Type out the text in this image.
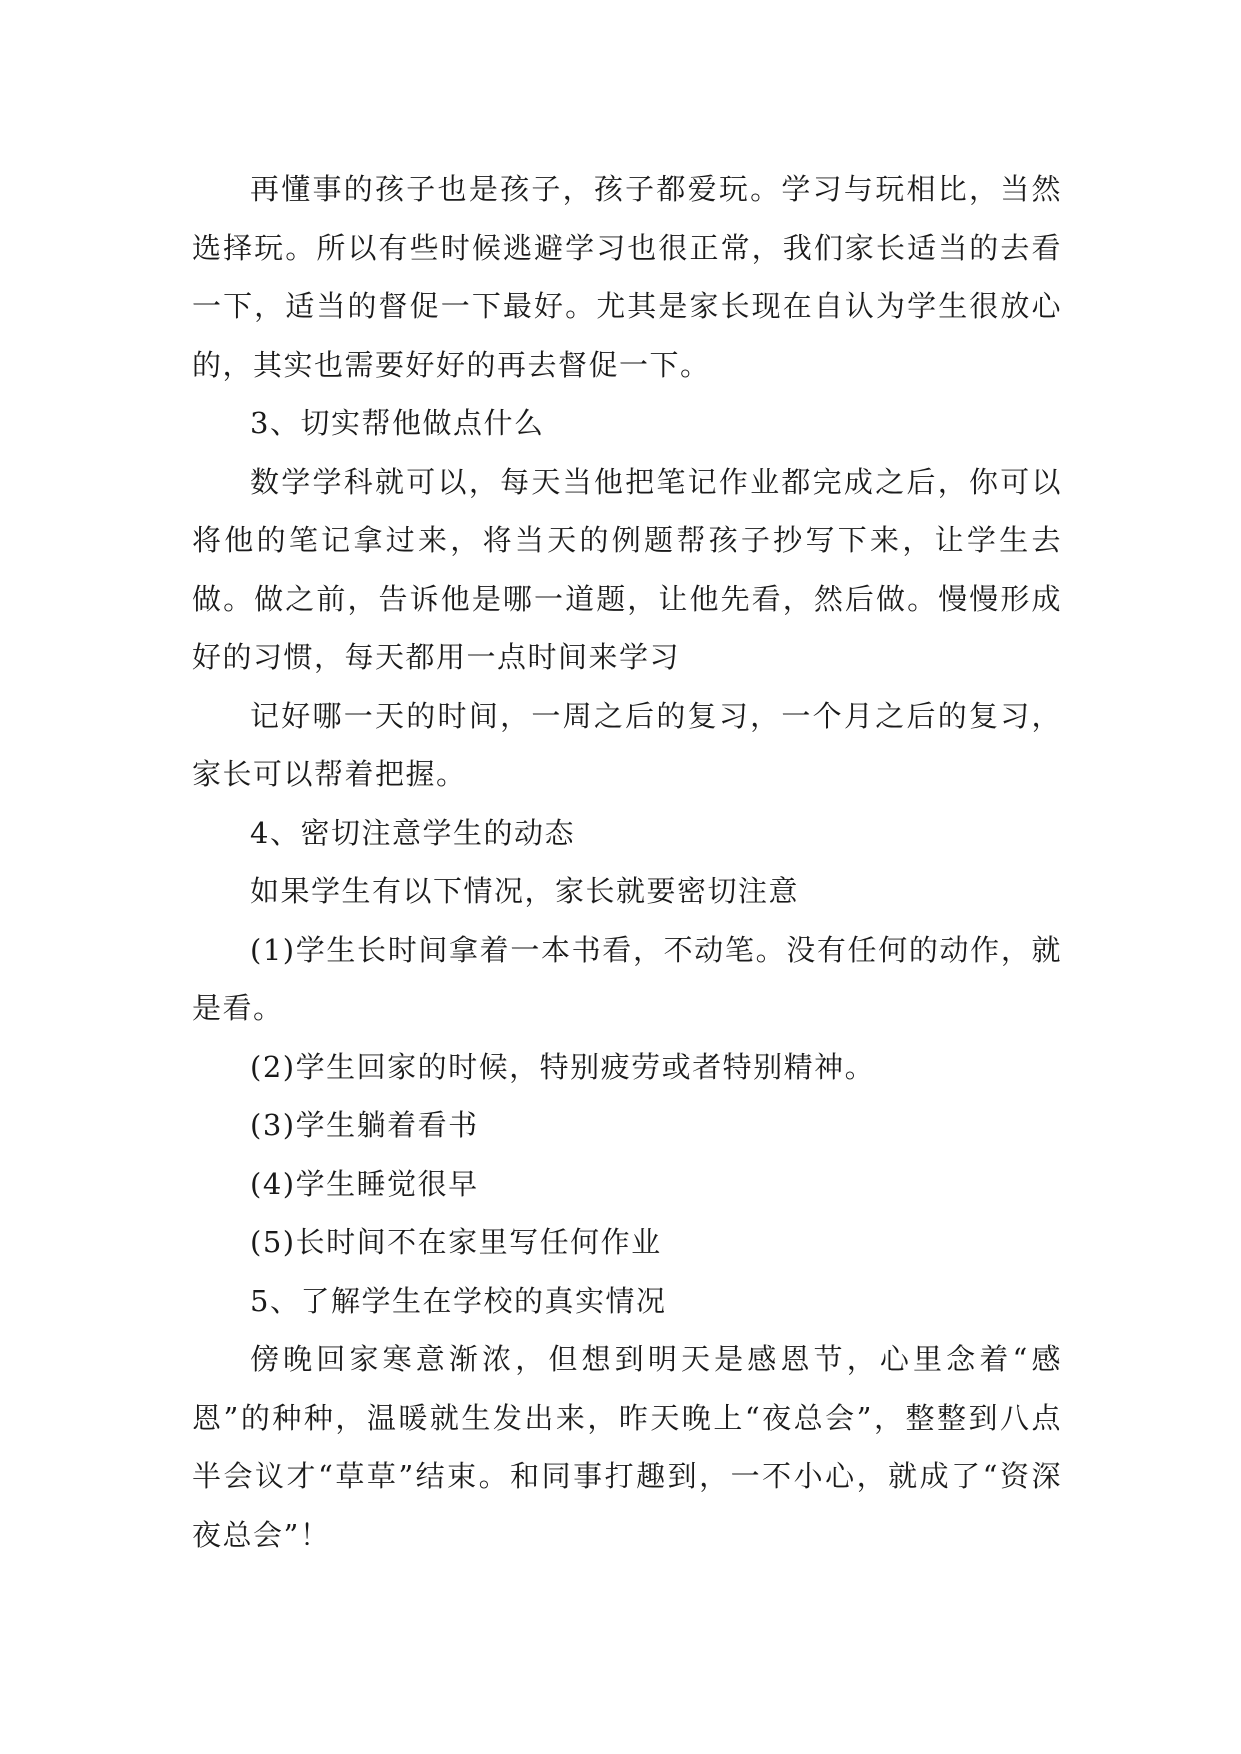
再懂事的孩子也是孩子，孩子都爱玩。学习与玩相比，当然选择玩。所以有些时候逃避学习也很正常，我们家长适当的去看一下，适当的督促一下最好。尤其是家长现在自认为学生很放心的，其实也需要好好的再去督促一下。

3、切实帮他做点什么

数学学科就可以，每天当他把笔记作业都完成之后，你可以将他的笔记拿过来，将当天的例题帮孩子抄写下来，让学生去做。做之前，告诉他是哪一道题，让他先看，然后做。慢慢形成好的习惯，每天都用一点时间来学习

记好哪一天的时间，一周之后的复习，一个月之后的复习，家长可以帮着把握。

4、密切注意学生的动态

如果学生有以下情况，家长就要密切注意

(1)学生长时间拿着一本书看，不动笔。没有任何的动作，就是看。

(2)学生回家的时候，特别疲劳或者特别精神。

(3)学生躺着看书

(4)学生睡觉很早

(5)长时间不在家里写任何作业

5、了解学生在学校的真实情况

傍晚回家寒意渐浓，但想到明天是感恩节，心里念着“感恩”的种种，温暖就生发出来，昨天晚上“夜总会”，整整到八点半会议才“草草”结束。和同事打趣到，一不小心，就成了“资深夜总会”！
